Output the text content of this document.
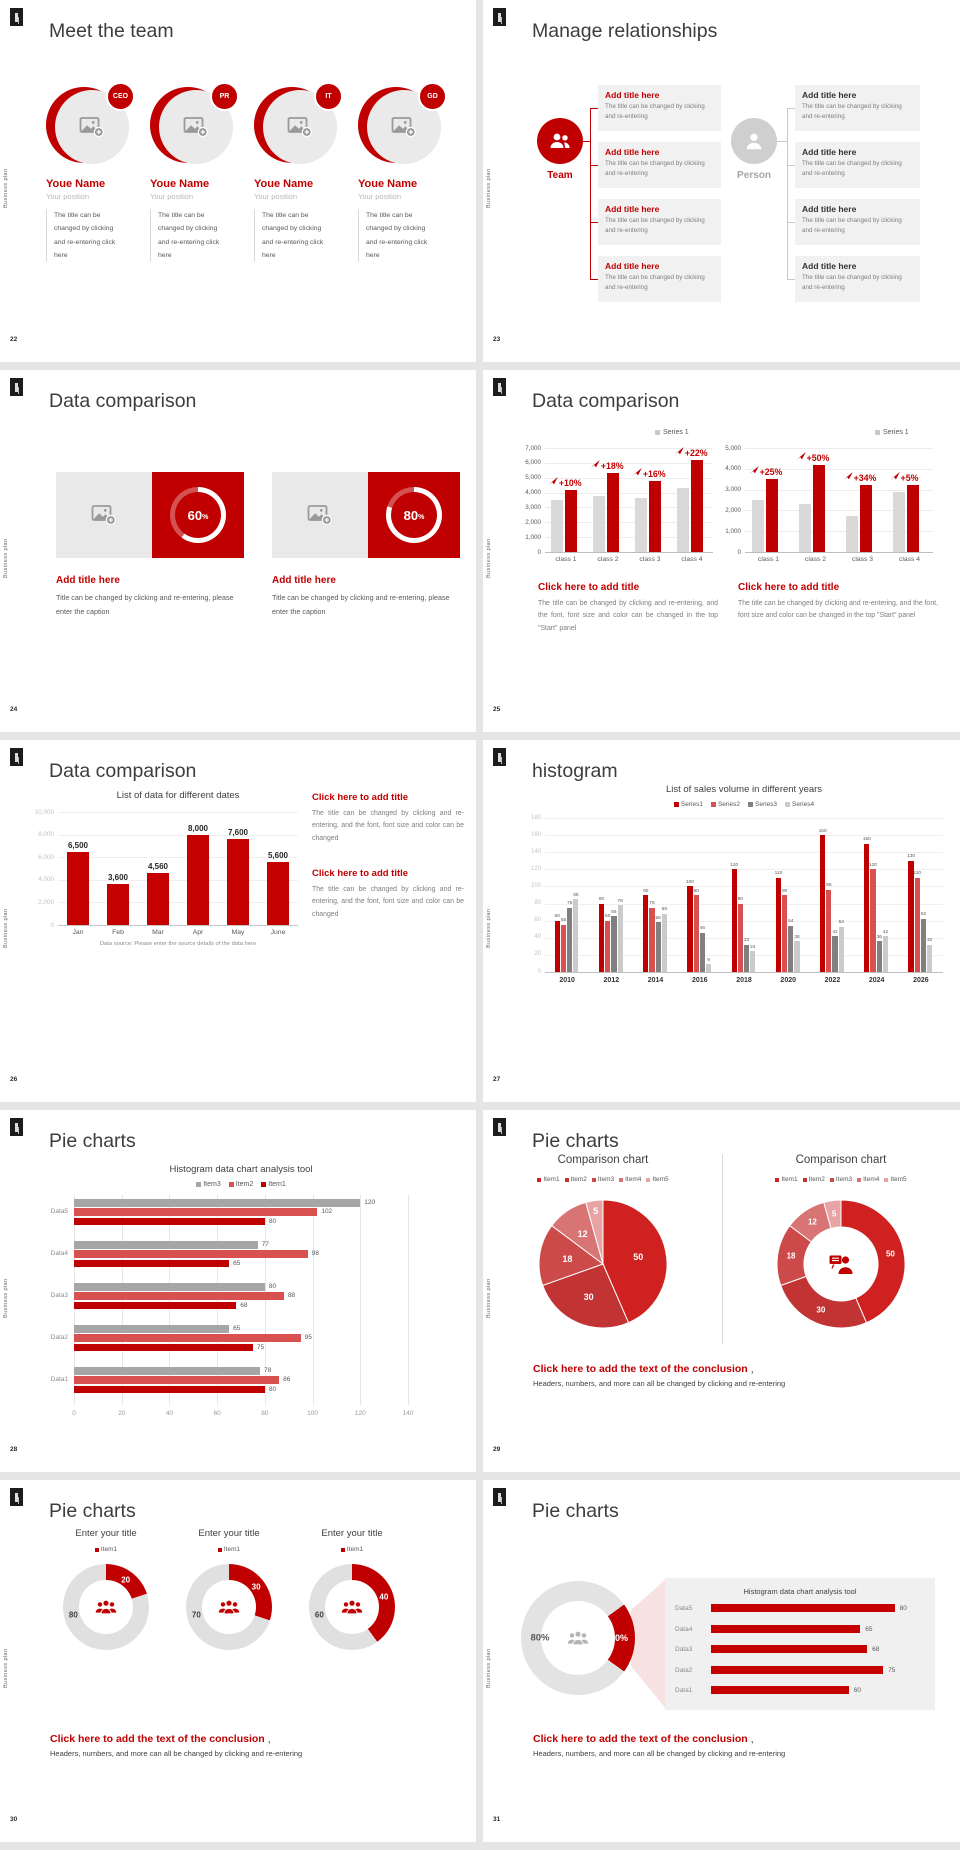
Business plan
Meet the team
CEO
Youe Name
Your position
The title can be changed by clicking and re-entering click here
PR
Youe Name
Your position
The title can be changed by clicking and re-entering click here
IT
Youe Name
Your position
The title can be changed by clicking and re-entering click here
GD
Youe Name
Your position
The title can be changed by clicking and re-entering click here
22
Business plan
Manage relationships
Team
Add title here
The title can be changed by clicking and re-entering
Add title here
The title can be changed by clicking and re-entering
Add title here
The title can be changed by clicking and re-entering
Add title here
The title can be changed by clicking and re-entering
Person
Add title here
The title can be changed by clicking and re-entering
Add title here
The title can be changed by clicking and re-entering
Add title here
The title can be changed by clicking and re-entering
Add title here
The title can be changed by clicking and re-entering
23
Business plan
Data comparison
60 %
Add title here
Title can be changed by clicking and re-entering, please enter the caption
80 %
Add title here
Title can be changed by clicking and re-entering, please enter the caption
24
Business plan
Data comparison
Series 1
0
1,000
2,000
3,000
4,000
5,000
6,000
7,000
+10%
class 1
+18%
class 2
+16%
class 3
+22%
class 4
Click here to add title
The title can be changed by clicking and re-entering, and the font, font size and color can be changed in the top "Start" panel
Series 1
0
1,000
2,000
3,000
4,000
5,000
+25%
class 1
+50%
class 2
+34%
class 3
+5%
class 4
Click here to add title
The title can be changed by clicking and re-entering, and the font, font size and color can be changed in the top "Start" panel
25
Business plan
Data comparison
List of data for different dates
0
2,000
4,000
6,000
8,000
10,000
6,500
Jan
3,600
Feb
4,560
Mar
8,000
Apr
7,600
May
5,600
June
Data source: Please enter the source details of the data here
Click here to add title
The title can be changed by clicking and re-entering, and the font, font size and color can be changed
Click here to add title
The title can be changed by clicking and re-entering, and the font, font size and color can be changed
26
Business plan
histogram
List of sales volume in different years
Series1	Series2	Series3	Series4
0
20
40
60
80
100
120
140
160
180
60
55
75
85
2010
80
60
65
78
2012
90
75
58
68
2014
100
90
46
9
2016
120
80
32
24
2018
110
90
54
36
2020
160
96
42
53
2022
150
120
36
42
2024
130
110
62
32
2026
27
Business plan
Pie charts
Histogram data chart analysis tool
Item3	Item2	Item1
0	20	40	60	80	100	120	140
Data5
120
102
80
Data4
77
98
65
Data3
80
88
68
Data2
65
95
75
Data1
78
86
80
28
Business plan
Pie charts
Comparison chart
Item1	Item2	Item3	Item4	Item5
Comparison chart
Item1	Item2	Item3	Item4	Item5
50	50
30
30
18	18
12
12
5	5
Click here to add the text of the conclusion ，
Headers, numbers, and more can all be changed by clicking and re-entering
29
Business plan
Pie charts
Enter your title
Item1
20
80
Enter your title
Item1
30
70
Enter your title
Item1
40
60
Click here to add the text of the conclusion ，
Headers, numbers, and more can all be changed by clicking and re-entering
30
Business plan
Pie charts
20%
80%
Histogram data chart analysis tool
Data5	80
Data4	65
Data3	68
Data2	75
Data1	60
Click here to add the text of the conclusion ，
Headers, numbers, and more can all be changed by clicking and re-entering
31
